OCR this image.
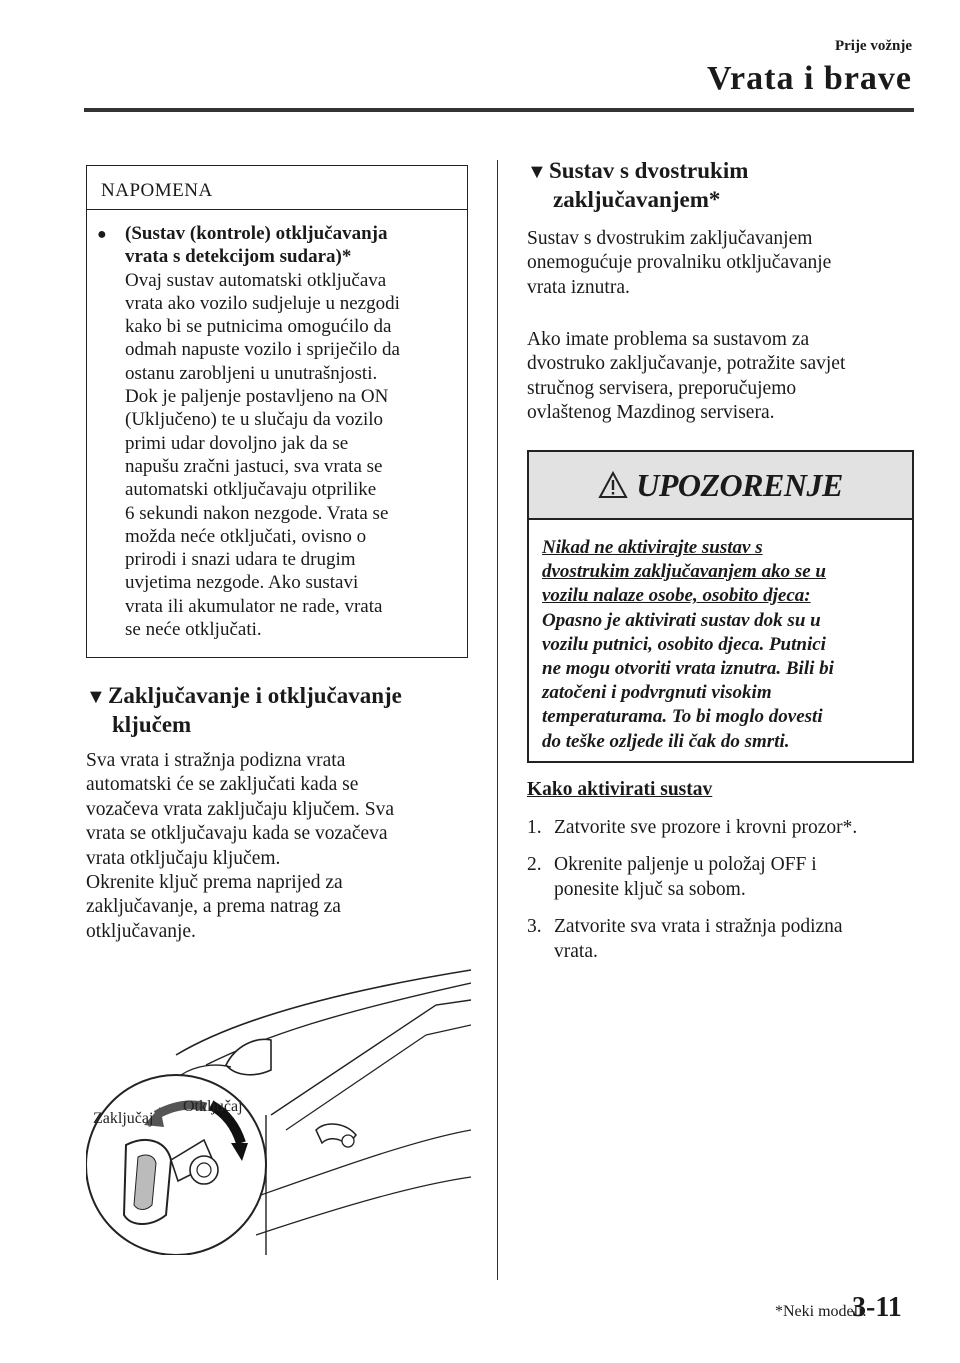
Prije vožnje
Vrata i brave
NAPOMENA
● (Sustav (kontrole) otključavanja
vrata s detekcijom sudara)*
Ovaj sustav automatski otključava
vrata ako vozilo sudjeluje u nezgodi
kako bi se putnicima omogućilo da
odmah napuste vozilo i spriječilo da
ostanu zarobljeni u unutrašnjosti.
Dok je paljenje postavljeno na ON
(Uključeno) te u slučaju da vozilo
primi udar dovoljno jak da se
napušu zračni jastuci, sva vrata se
automatski otključavaju otprilike
6 sekundi nakon nezgode. Vrata se
možda neće otključati, ovisno o
prirodi i snazi udara te drugim
uvjetima nezgode. Ako sustavi
vrata ili akumulator ne rade, vrata
se neće otključati.
▼Zaključavanje i otključavanje
ključem
Sva vrata i stražnja podizna vrata
automatski će se zaključati kada se
vozačeva vrata zaključaju ključem. Sva
vrata se otključavaju kada se vozačeva
vrata otključaju ključem.
Okrenite ključ prema naprijed za
zaključavanje, a prema natrag za
otključavanje.
Zaključaj
Otključaj
▼Sustav s dvostrukim
zaključavanjem*
Sustav s dvostrukim zaključavanjem
onemogućuje provalniku otključavanje
vrata iznutra.
Ako imate problema sa sustavom za
dvostruko zaključavanje, potražite savjet
stručnog servisera, preporučujemo
ovlaštenog Mazdinog servisera.
UPOZORENJE
Nikad ne aktivirajte sustav s
dvostrukim zaključavanjem ako se u
vozilu nalaze osobe, osobito djeca:
Opasno je aktivirati sustav dok su u
vozilu putnici, osobito djeca. Putnici
ne mogu otvoriti vrata iznutra. Bili bi
zatočeni i podvrgnuti visokim
temperaturama. To bi moglo dovesti
do teške ozljede ili čak do smrti.
Kako aktivirati sustav
1. Zatvorite sve prozore i krovni prozor*.
2. Okrenite paljenje u položaj OFF i
ponesite ključ sa sobom.
3. Zatvorite sva vrata i stražnja podizna
vrata.
*Neki modeli.
3-11
